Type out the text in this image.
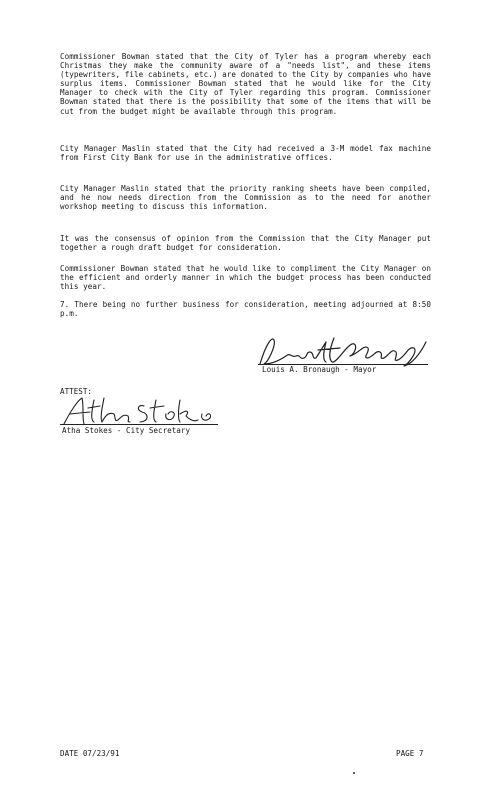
Commissioner Bowman stated that the City of Tyler has a program whereby each Christmas they make the community aware of a "needs list", and these items (typewriters, file cabinets, etc.) are donated to the City by companies who have surplus items. Commissioner Bowman stated that he would like for the City Manager to check with the City of Tyler regarding this program. Commissioner Bowman stated that there is the possibility that some of the items that will be cut from the budget might be available through this program.
City Manager Maslin stated that the City had received a 3-M model fax machine from First City Bank for use in the administrative offices.
City Manager Maslin stated that the priority ranking sheets have been compiled, and he now needs direction from the Commission as to the need for another workshop meeting to discuss this information.
It was the consensus of opinion from the Commission that the City Manager put together a rough draft budget for consideration.
Commissioner Bowman stated that he would like to compliment the City Manager on the efficient and orderly manner in which the budget process has been conducted this year.
7. There being no further business for consideration, meeting adjourned at 8:50 p.m.
Louis A. Bronaugh - Mayor
ATTEST:
Atha Stokes - City Secretary
DATE 07/23/91	PAGE 7
